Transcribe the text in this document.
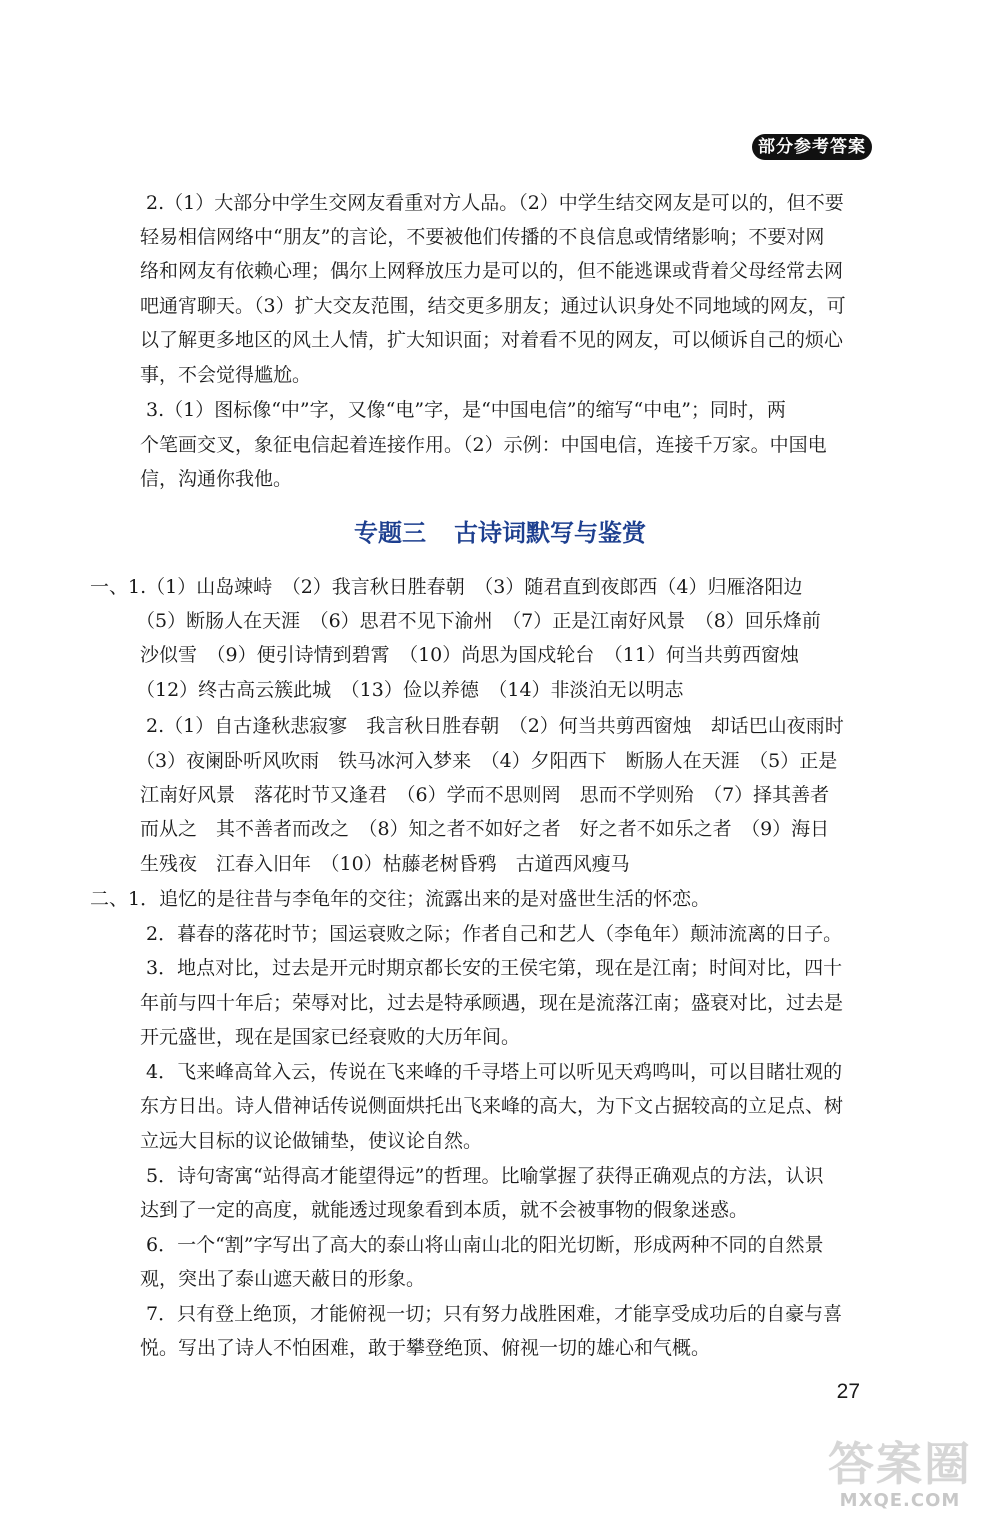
部分参考答案
2.（1）大部分中学生交网友看重对方人品。（2）中学生结交网友是可以的，但不要
轻易相信网络中“朋友”的言论，不要被他们传播的不良信息或情绪影响；不要对网
络和网友有依赖心理；偶尔上网释放压力是可以的，但不能逃课或背着父母经常去网
吧通宵聊天。（3）扩大交友范围，结交更多朋友；通过认识身处不同地域的网友，可
以了解更多地区的风土人情，扩大知识面；对着看不见的网友，可以倾诉自己的烦心
事，不会觉得尴尬。
3.（1）图标像“中”字，又像“电”字，是“中国电信”的缩写“中电”；同时，两
个笔画交叉，象征电信起着连接作用。（2）示例：中国电信，连接千万家。中国电
信，沟通你我他。
专题三 古诗词默写与鉴赏
一、1.（1）山岛竦峙　（2）我言秋日胜春朝　（3）随君直到夜郎西（4）归雁洛阳边
（5）断肠人在天涯　（6）思君不见下渝州　（7）正是江南好风景　（8）回乐烽前
沙似雪　（9）便引诗情到碧霄　（10）尚思为国戍轮台　（11）何当共剪西窗烛
（12）终古高云簇此城　（13）俭以养德　（14）非淡泊无以明志
2.（1）自古逢秋悲寂寥　我言秋日胜春朝　（2）何当共剪西窗烛　却话巴山夜雨时
（3）夜阑卧听风吹雨　铁马冰河入梦来　（4）夕阳西下　断肠人在天涯　（5）正是
江南好风景　落花时节又逢君　（6）学而不思则罔　思而不学则殆　（7）择其善者
而从之　其不善者而改之　（8）知之者不如好之者　好之者不如乐之者　（9）海日
生残夜　江春入旧年　（10）枯藤老树昏鸦　古道西风瘦马
二、1．追忆的是往昔与李龟年的交往；流露出来的是对盛世生活的怀恋。
2．暮春的落花时节；国运衰败之际；作者自己和艺人（李龟年）颠沛流离的日子。
3．地点对比，过去是开元时期京都长安的王侯宅第，现在是江南；时间对比，四十
年前与四十年后；荣辱对比，过去是特承顾遇，现在是流落江南；盛衰对比，过去是
开元盛世，现在是国家已经衰败的大历年间。
4．飞来峰高耸入云，传说在飞来峰的千寻塔上可以听见天鸡鸣叫，可以目睹壮观的
东方日出。诗人借神话传说侧面烘托出飞来峰的高大，为下文占据较高的立足点、树
立远大目标的议论做铺垫，使议论自然。
5．诗句寄寓“站得高才能望得远”的哲理。比喻掌握了获得正确观点的方法，认识
达到了一定的高度，就能透过现象看到本质，就不会被事物的假象迷惑。
6．一个“割”字写出了高大的泰山将山南山北的阳光切断，形成两种不同的自然景
观，突出了泰山遮天蔽日的形象。
7．只有登上绝顶，才能俯视一切；只有努力战胜困难，才能享受成功后的自豪与喜
悦。写出了诗人不怕困难，敢于攀登绝顶、俯视一切的雄心和气概。
27
答案圈
MXQE.COM
